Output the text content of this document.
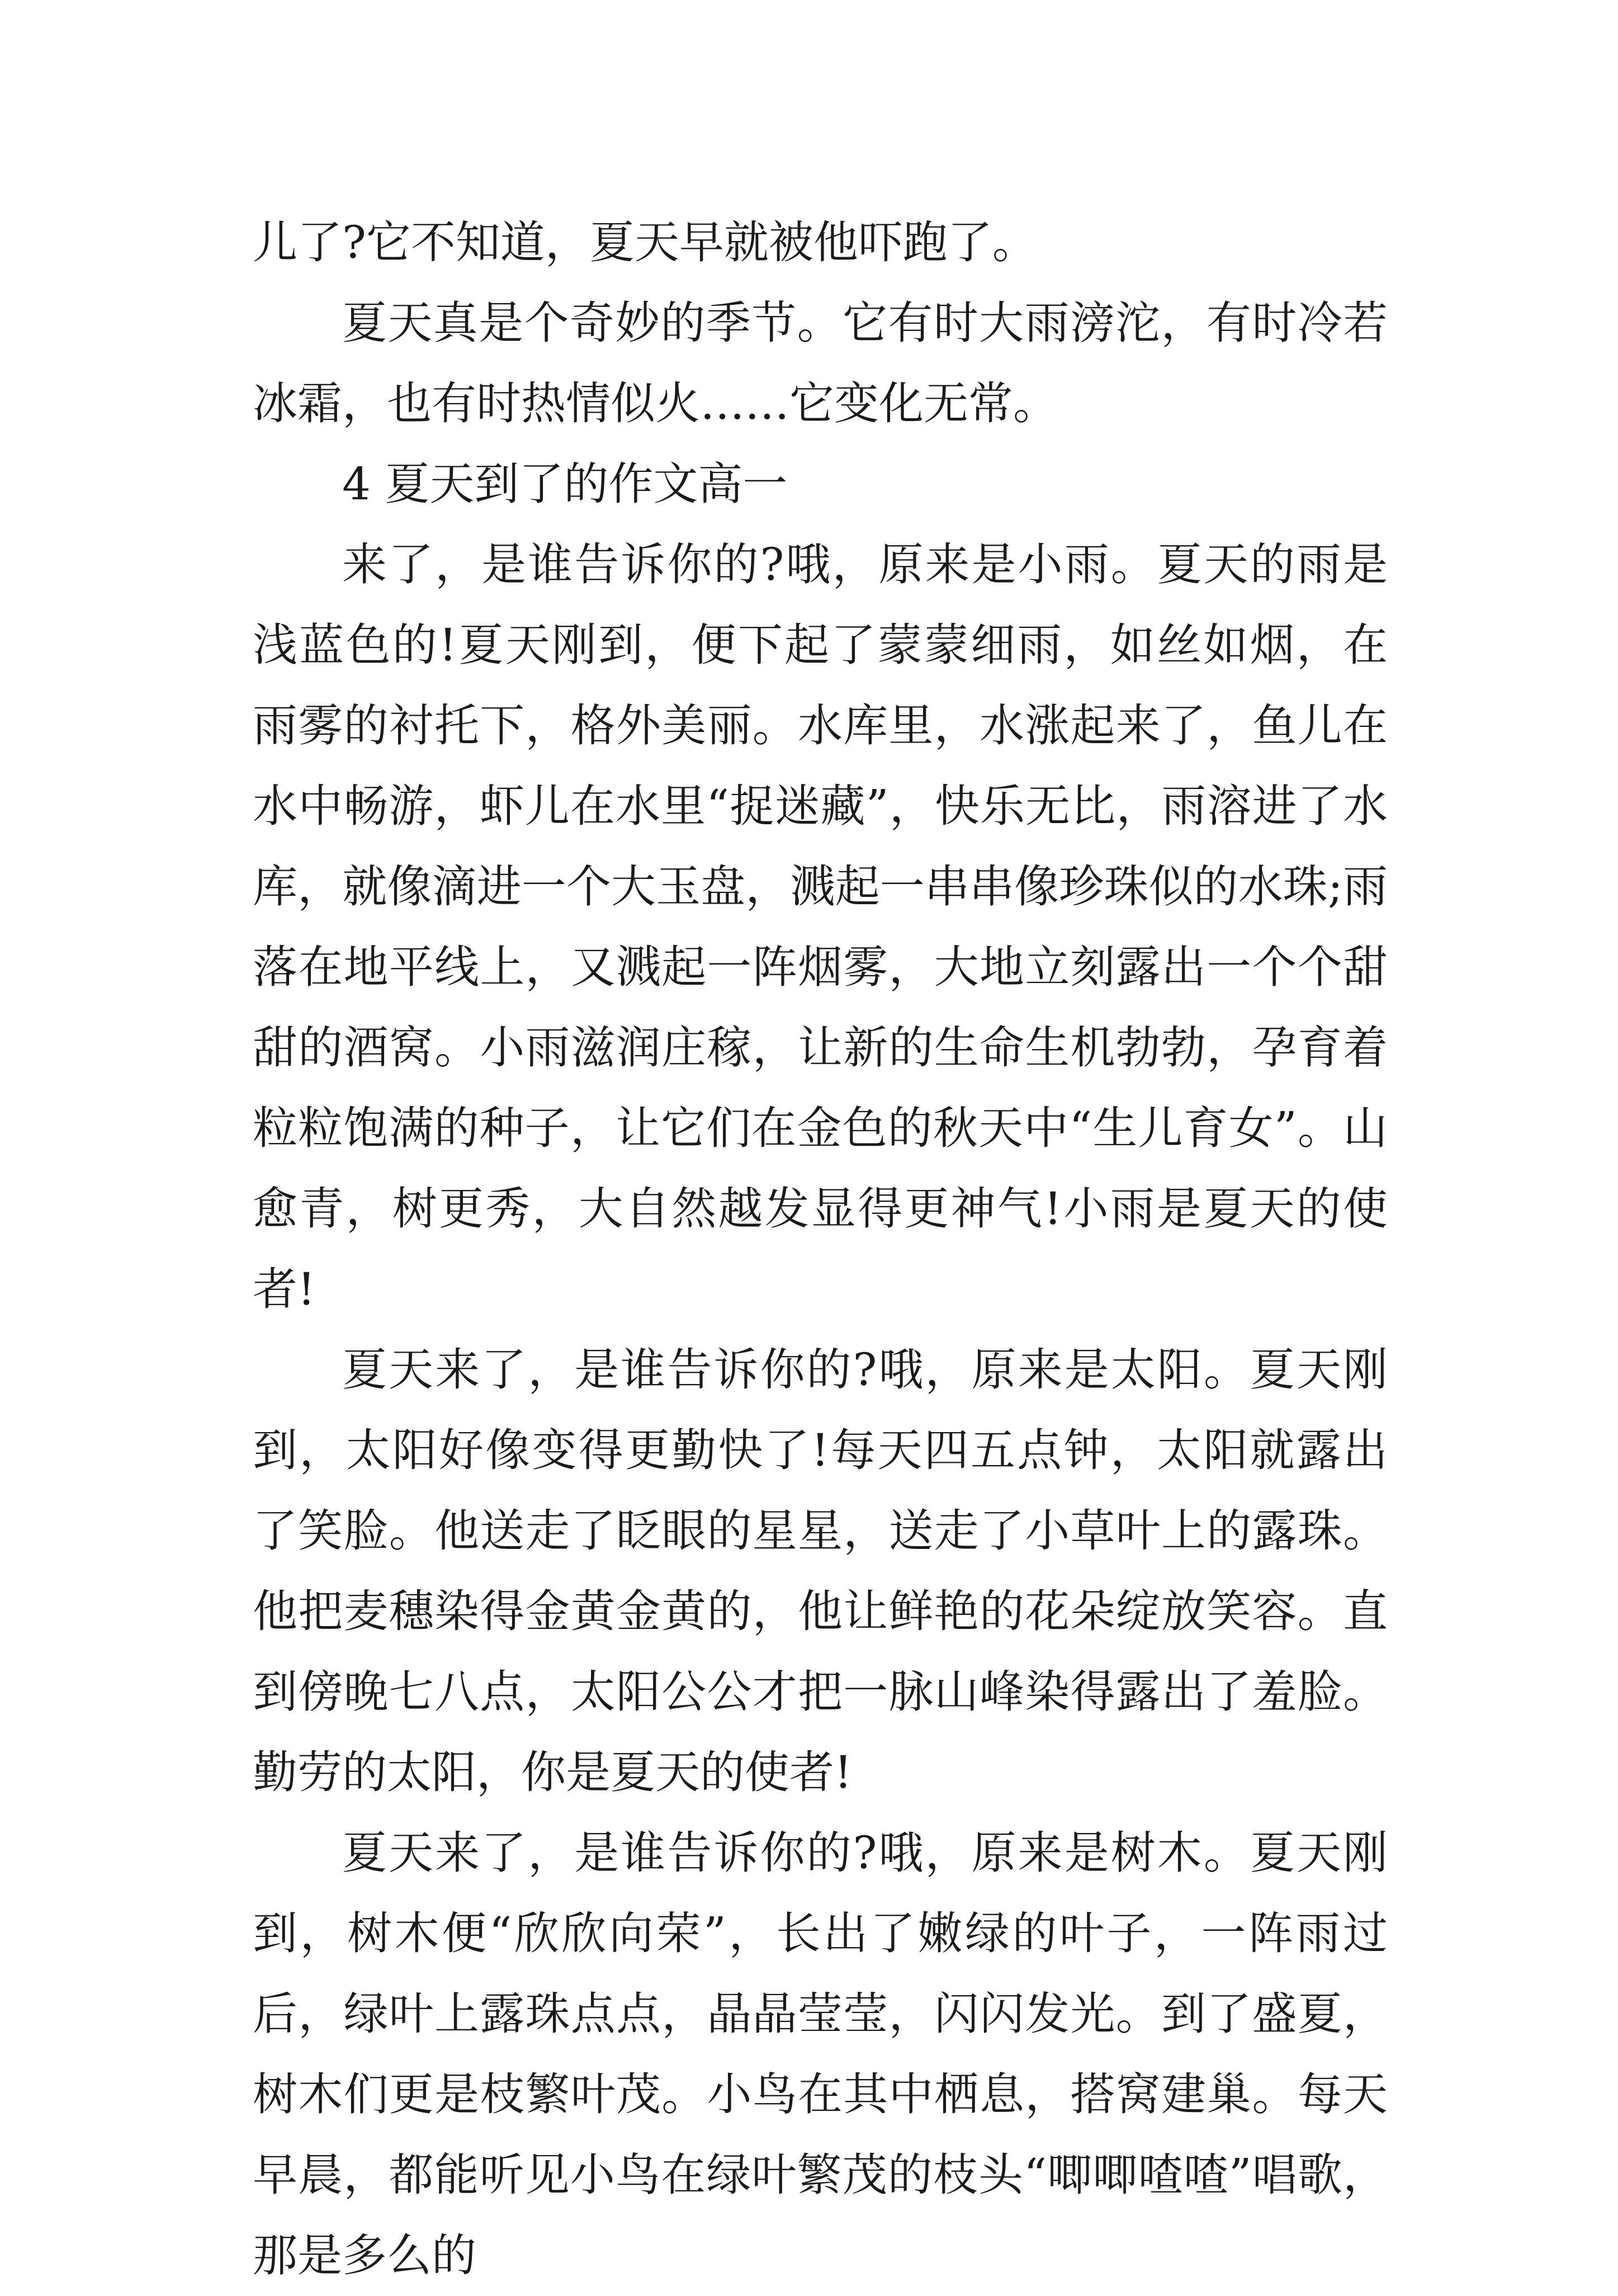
儿了?它不知道，夏天早就被他吓跑了。

夏天真是个奇妙的季节。它有时大雨滂沱，有时冷若冰霜，也有时热情似火……它变化无常。

4 夏天到了的作文高一

来了，是谁告诉你的?哦，原来是小雨。夏天的雨是浅蓝色的!夏天刚到，便下起了蒙蒙细雨，如丝如烟，在雨雾的衬托下，格外美丽。水库里，水涨起来了，鱼儿在水中畅游，虾儿在水里“捉迷藏”，快乐无比，雨溶进了水库，就像滴进一个大玉盘，溅起一串串像珍珠似的水珠;雨落在地平线上，又溅起一阵烟雾，大地立刻露出一个个甜甜的酒窝。小雨滋润庄稼，让新的生命生机勃勃，孕育着粒粒饱满的种子，让它们在金色的秋天中“生儿育女”。山愈青，树更秀，大自然越发显得更神气!小雨是夏天的使者!

夏天来了，是谁告诉你的?哦，原来是太阳。夏天刚到，太阳好像变得更勤快了!每天四五点钟，太阳就露出了笑脸。他送走了眨眼的星星，送走了小草叶上的露珠。他把麦穗染得金黄金黄的，他让鲜艳的花朵绽放笑容。直到傍晚七八点，太阳公公才把一脉山峰染得露出了羞脸。勤劳的太阳，你是夏天的使者!

夏天来了，是谁告诉你的?哦，原来是树木。夏天刚到，树木便“欣欣向荣”，长出了嫩绿的叶子，一阵雨过后，绿叶上露珠点点，晶晶莹莹，闪闪发光。到了盛夏，树木们更是枝繁叶茂。小鸟在其中栖息，搭窝建巢。每天早晨，都能听见小鸟在绿叶繁茂的枝头“唧唧喳喳”唱歌，那是多么的
